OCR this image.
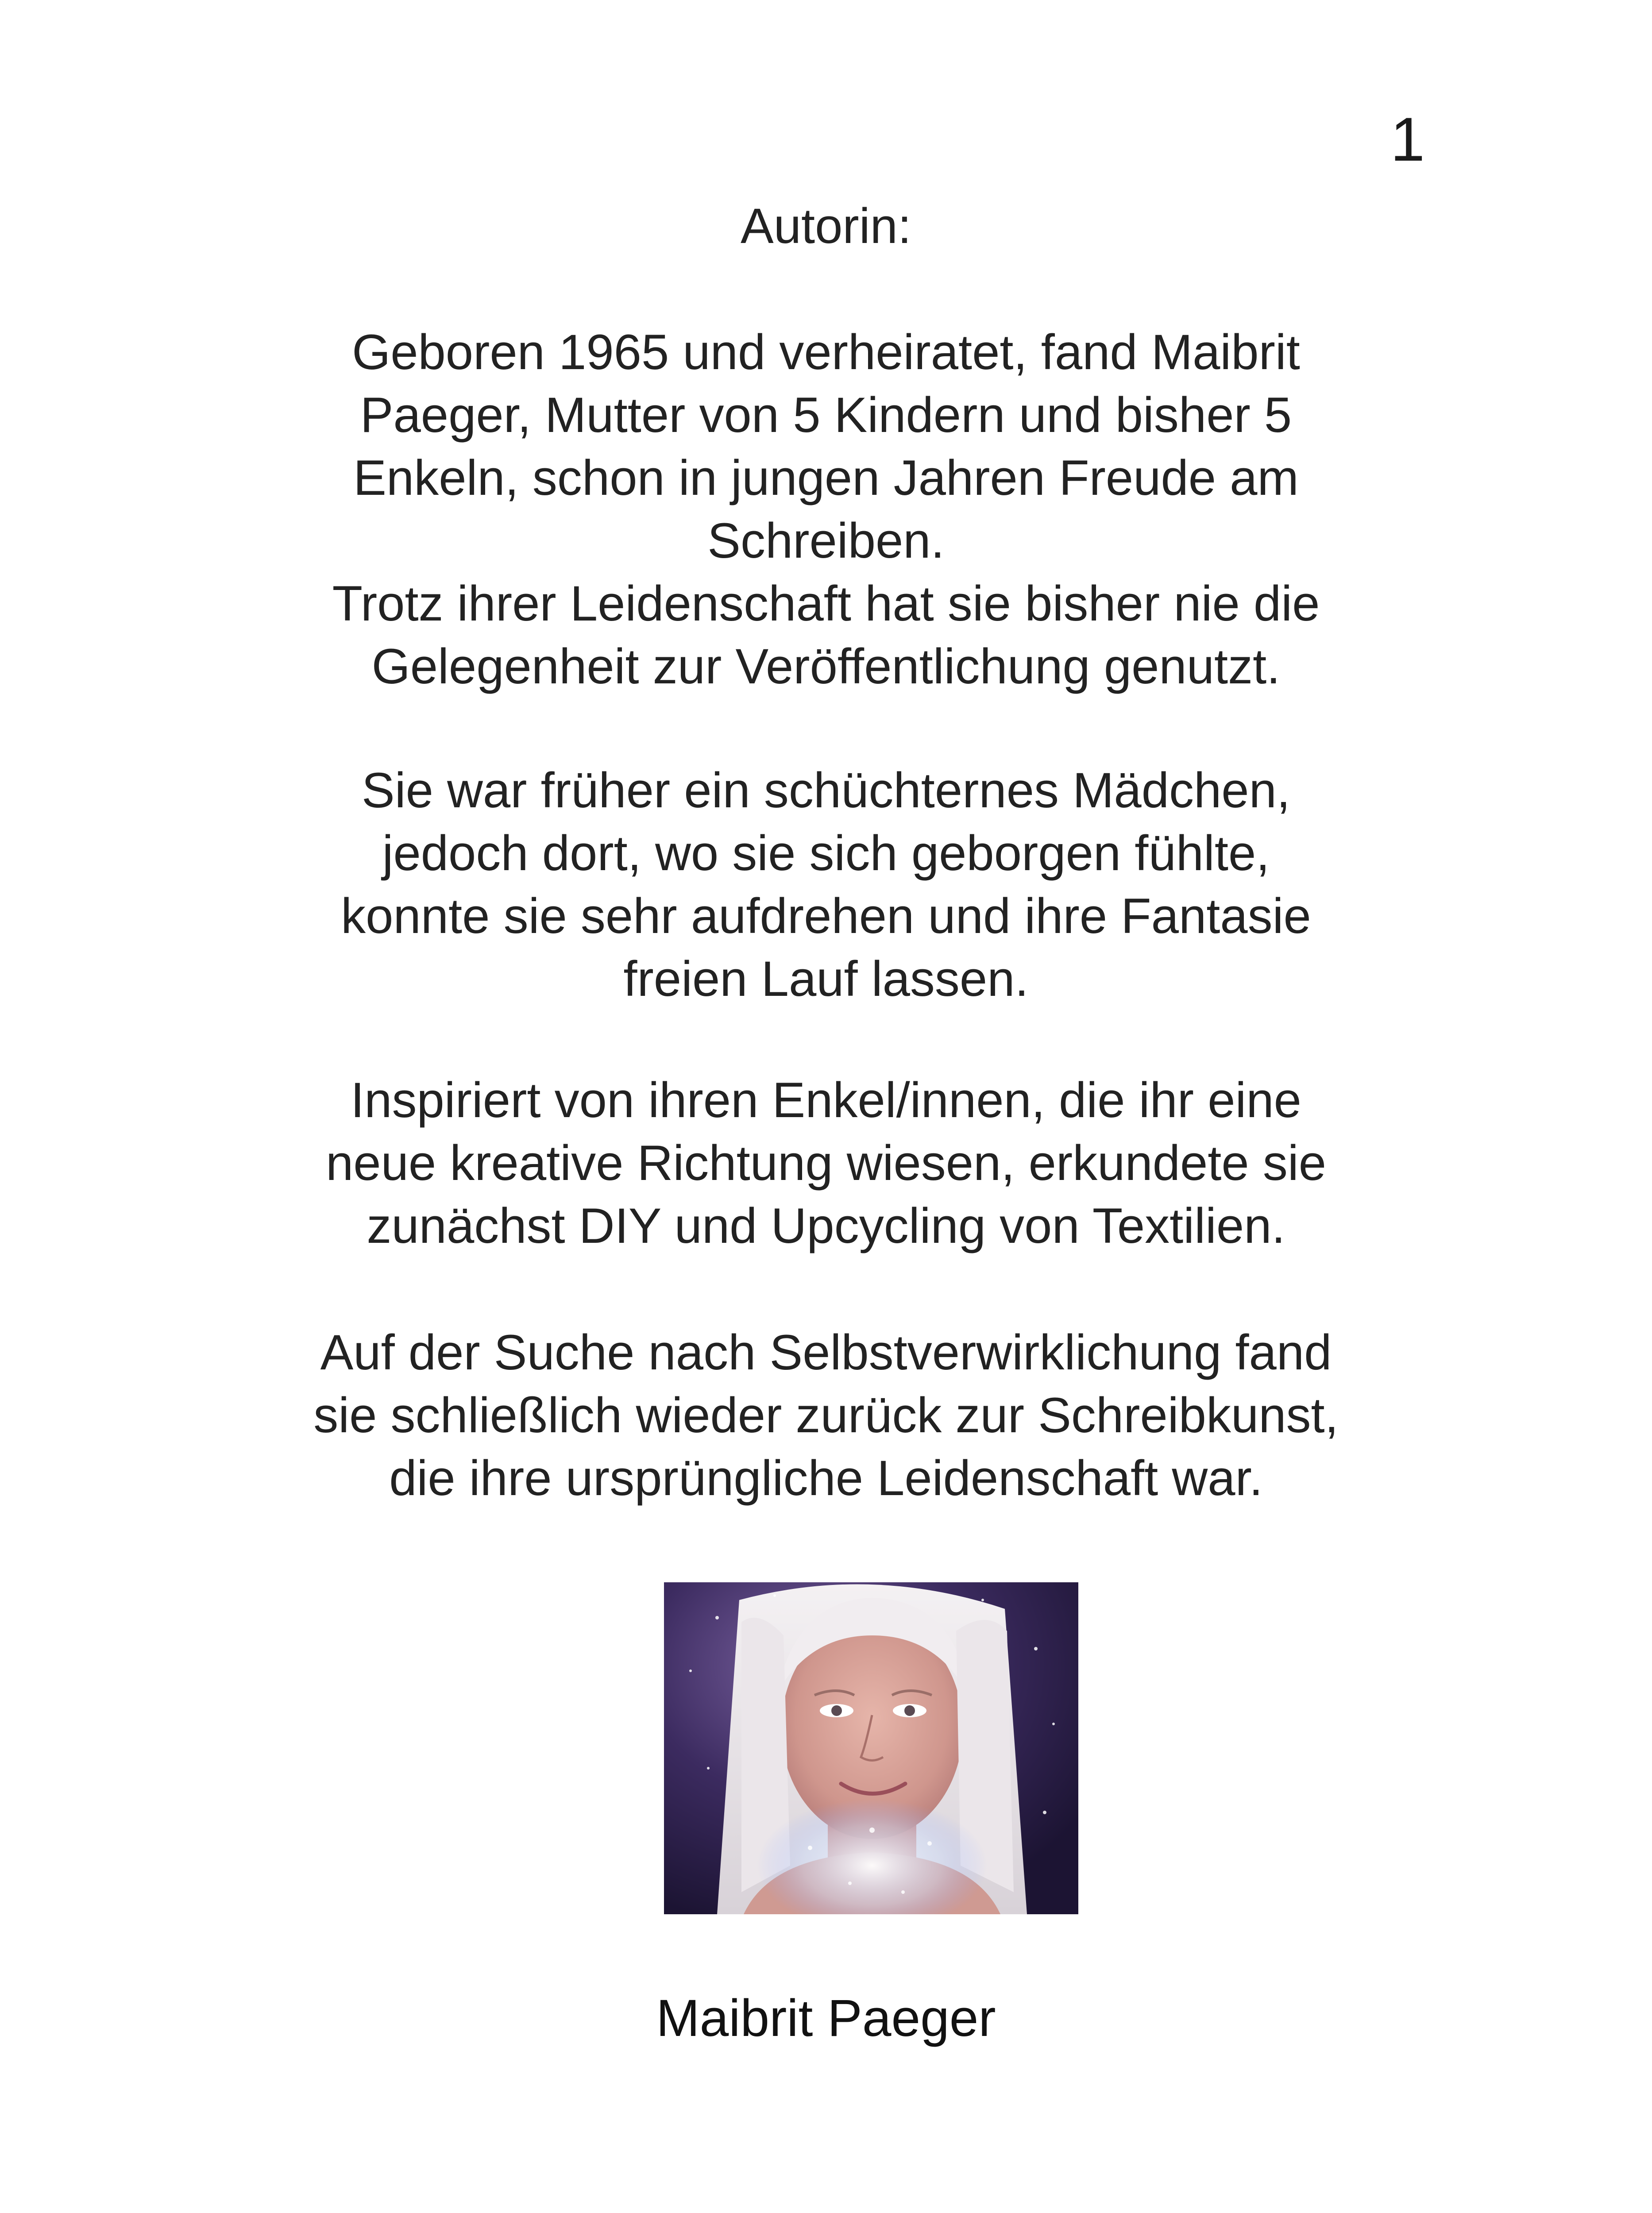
1
Autorin:
Geboren 1965 und verheiratet, fand Maibrit
Paeger, Mutter von 5 Kindern und bisher 5
Enkeln, schon in jungen Jahren Freude am
Schreiben.
Trotz ihrer Leidenschaft hat sie bisher nie die
Gelegenheit zur Veröffentlichung genutzt.
Sie war früher ein schüchternes Mädchen,
jedoch dort, wo sie sich geborgen fühlte,
konnte sie sehr aufdrehen und ihre Fantasie
freien Lauf lassen.
Inspiriert von ihren Enkel/innen, die ihr eine
neue kreative Richtung wiesen, erkundete sie
zunächst DIY und Upcycling von Textilien.
Auf der Suche nach Selbstverwirklichung fand
sie schließlich wieder zurück zur Schreibkunst,
die ihre ursprüngliche Leidenschaft war.
Maibrit Paeger
